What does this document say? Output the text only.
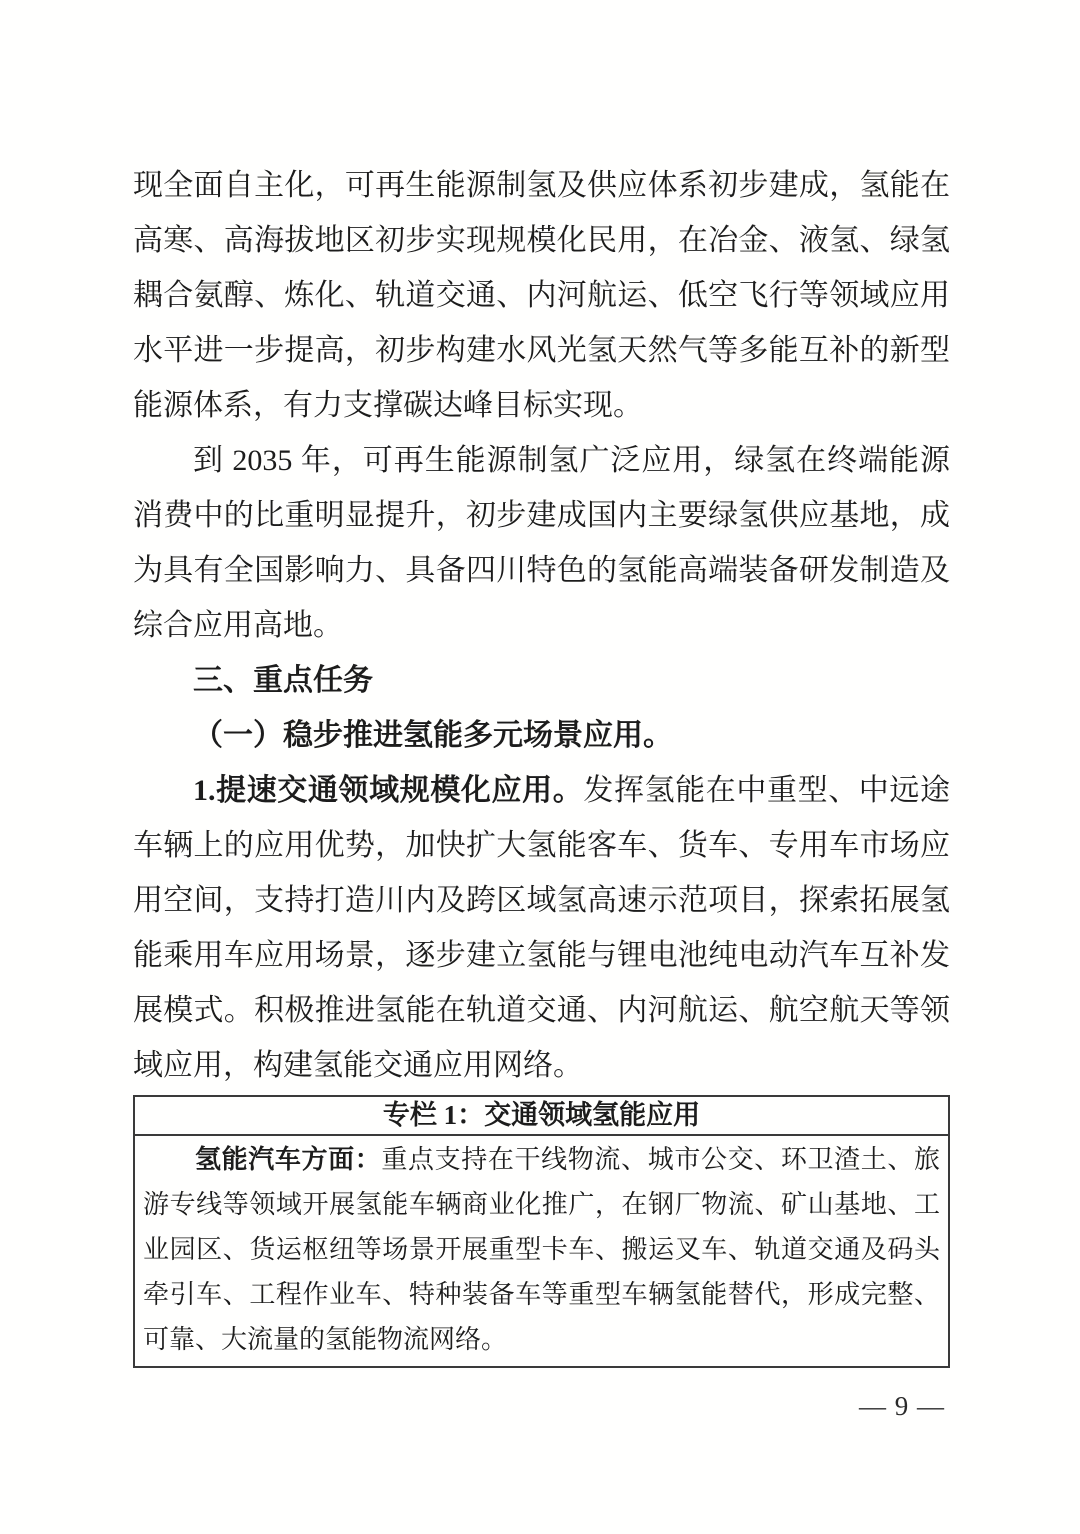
现全面自主化，可再生能源制氢及供应体系初步建成，氢能在高寒、高海拔地区初步实现规模化民用，在冶金、液氢、绿氢耦合氨醇、炼化、轨道交通、内河航运、低空飞行等领域应用水平进一步提高，初步构建水风光氢天然气等多能互补的新型能源体系，有力支撑碳达峰目标实现。

到 2035 年，可再生能源制氢广泛应用，绿氢在终端能源消费中的比重明显提升，初步建成国内主要绿氢供应基地，成为具有全国影响力、具备四川特色的氢能高端装备研发制造及综合应用高地。

三、重点任务

（一）稳步推进氢能多元场景应用。

1.提速交通领域规模化应用。发挥氢能在中重型、中远途车辆上的应用优势，加快扩大氢能客车、货车、专用车市场应用空间，支持打造川内及跨区域氢高速示范项目，探索拓展氢能乘用车应用场景，逐步建立氢能与锂电池纯电动汽车互补发展模式。积极推进氢能在轨道交通、内河航运、航空航天等领域应用，构建氢能交通应用网络。

专栏 1：交通领域氢能应用
氢能汽车方面：重点支持在干线物流、城市公交、环卫渣土、旅游专线等领域开展氢能车辆商业化推广，在钢厂物流、矿山基地、工业园区、货运枢纽等场景开展重型卡车、搬运叉车、轨道交通及码头牵引车、工程作业车、特种装备车等重型车辆氢能替代，形成完整、可靠、大流量的氢能物流网络。
— 9 —
